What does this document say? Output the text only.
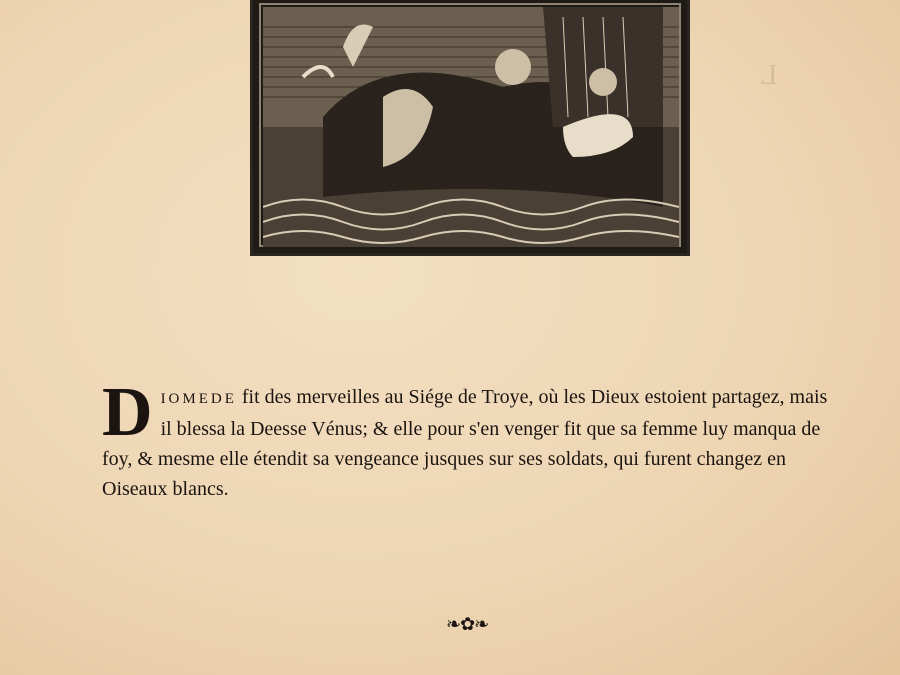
L
DIOMEDE fit des merveilles au Siége de Troye, où les Dieux estoient partagez, mais il blessa la Deesse Vénus; & elle pour s'en venger fit que sa femme luy manqua de foy, & mesme elle étendit sa vengeance jusques sur ses soldats, qui furent changez en Oiseaux blancs.
❧✿❧
